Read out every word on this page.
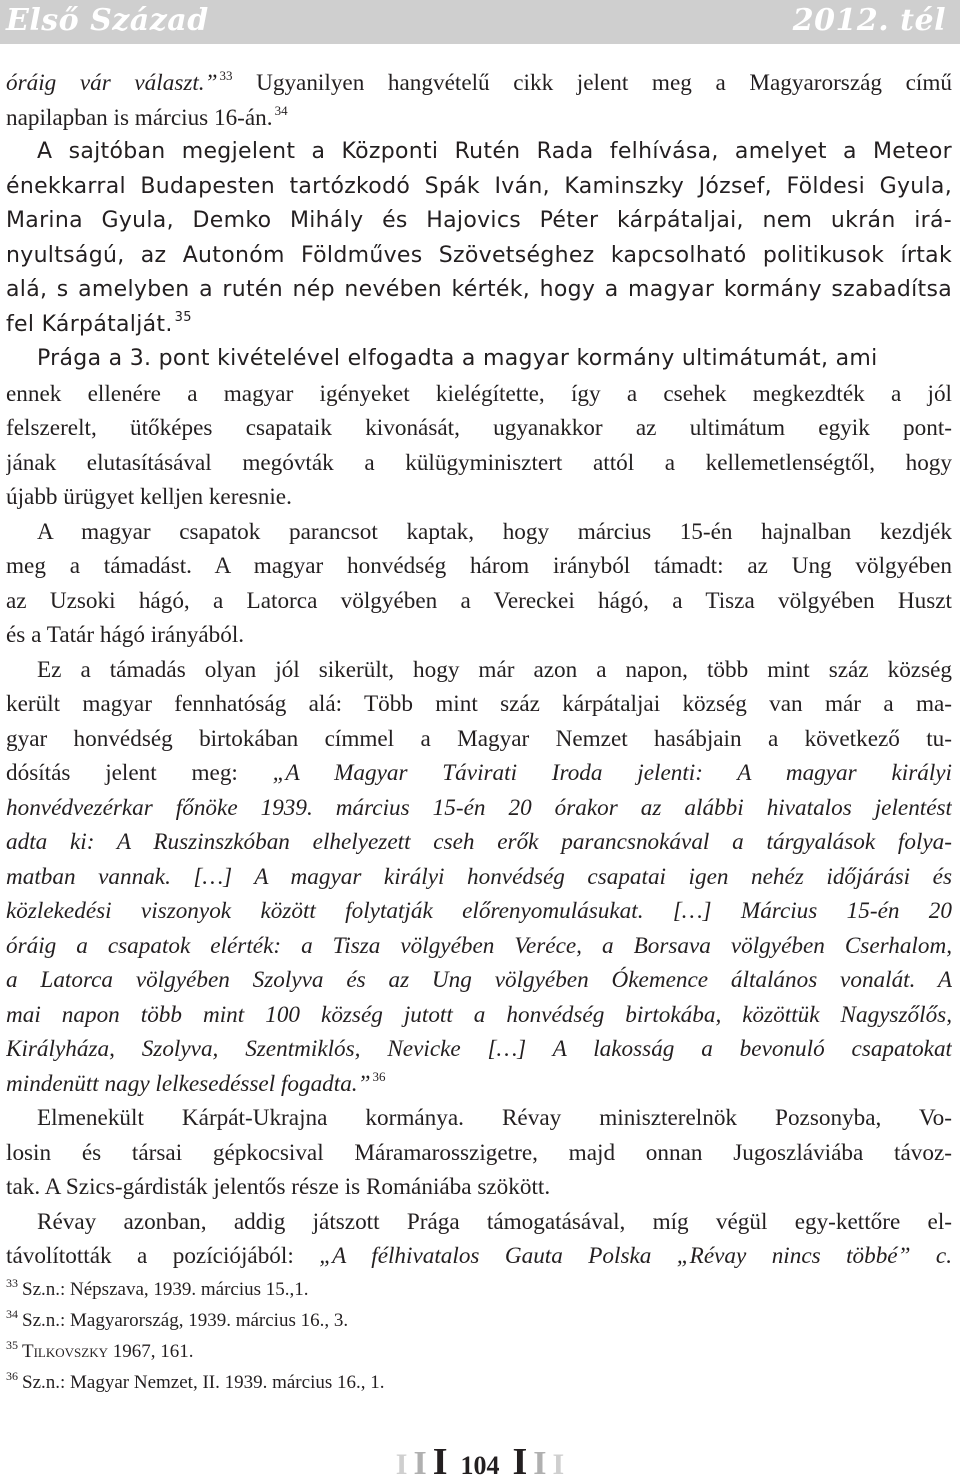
Első Század	2012. tél
óráig vár választ.” $^{33}$ Ugyanilyen hangvételű cikk jelent meg a Magyarország című
napilapban is március 16-án. $^{34}$
A sajtóban megjelent a Központi Rutén Rada felhívása, amelyet a Meteor
énekkarral Budapesten tartózkodó Spák Iván, Kaminszky József, Földesi Gyula,
Marina Gyula, Demko Mihály és Hajovics Péter kárpátaljai, nem ukrán irá-
nyultságú, az Autonóm Földműves Szövetséghez kapcsolható politikusok írtak
alá, s amelyben a rutén nép nevében kérték, hogy a magyar kormány szabadítsa
fel Kárpátalját. $^{35}$
Prága a 3. pont kivételével elfogadta a magyar kormány ultimátumát, ami
ennek ellenére a magyar igényeket kielégítette, így a csehek megkezdték a jól
felszerelt, ütőképes csapataik kivonását, ugyanakkor az ultimátum egyik pont-
jának elutasításával megóvták a külügyminisztert attól a kellemetlenségtől, hogy
újabb ürügyet kelljen keresnie.
A magyar csapatok parancsot kaptak, hogy március 15-én hajnalban kezdjék
meg a támadást. A magyar honvédség három irányból támadt: az Ung völgyében
az Uzsoki hágó, a Latorca völgyében a Vereckei hágó, a Tisza völgyében Huszt
és a Tatár hágó irányából.
Ez a támadás olyan jól sikerült, hogy már azon a napon, több mint száz község
került magyar fennhatóság alá: Több mint száz kárpátaljai község van már a ma-
gyar honvédség birtokában címmel a Magyar Nemzet hasábjain a következő tu-
dósítás jelent meg: „A Magyar Távirati Iroda jelenti: A magyar királyi
honvédvezérkar főnöke 1939. március 15-én 20 órakor az alábbi hivatalos jelentést
adta ki: A Ruszinszkóban elhelyezett cseh erők parancsnokával a tárgyalások folya-
matban vannak. […] A magyar királyi honvédség csapatai igen nehéz időjárási és
közlekedési viszonyok között folytatják előrenyomulásukat. […] Március 15-én 20
óráig a csapatok elérték: a Tisza völgyében Verécе, a Borsava völgyében Cserhalom,
a Latorca völgyében Szolyva és az Ung völgyében Ókemence általános vonalát. A
mai napon több mint 100 község jutott a honvédség birtokába, közöttük Nagyszőlős,
Királyháza, Szolyva, Szentmiklós, Nevicke […] A lakosság a bevonuló csapatokat
mindenütt nagy lelkesedéssel fogadta.” $^{36}$
Elmenekült Kárpát-Ukrajna kormánya. Révay miniszterelnök Pozsonyba, Vo-
losin és társai gépkocsival Máramarosszigetre, majd onnan Jugoszláviába távoz-
tak. A Szics-gárdisták jelentős része is Romániába szökött.
Révay azonban, addig játszott Prága támogatásával, míg végül egy-kettőre el-
távolították a pozíciójából: „A félhivatalos Gauta Polska „Révay nincs többé” c.
$^{33}$ Sz.n.: Népszava, 1939. március 15.,1.
$^{34}$ Sz.n.: Magyarország, 1939. március 16., 3.
$^{35}$ Tilkovszky 1967, 161.
$^{36}$ Sz.n.: Magyar Nemzet, II. 1939. március 16., 1.
I I I 104 I I I
